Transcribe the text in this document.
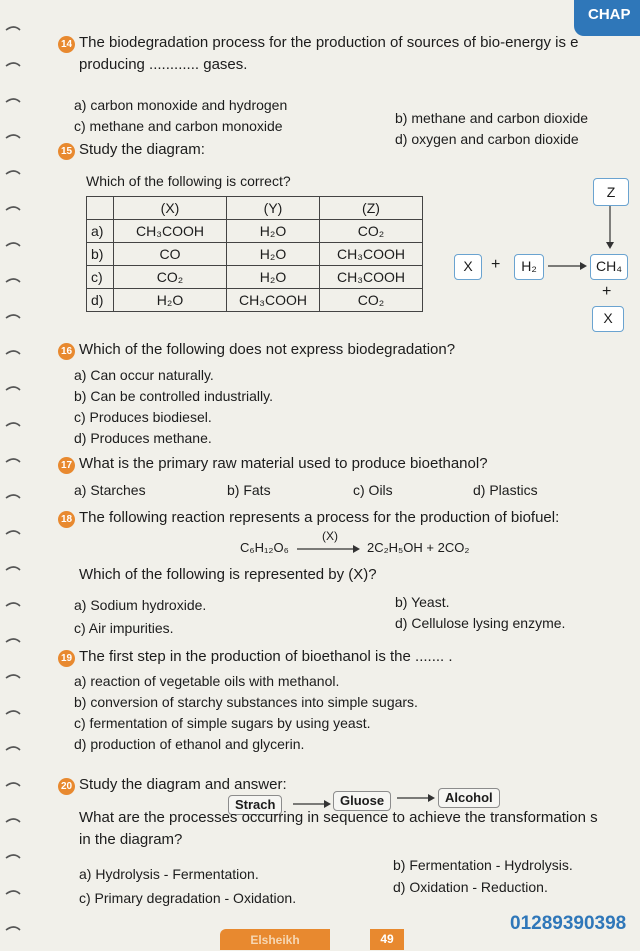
CHAP
14 The biodegradation process for the production of sources of bio-energy is e
producing ............ gases.
a) carbon monoxide and hydrogen
b) methane and carbon dioxide
c) methane and carbon monoxide
d) oxygen and carbon dioxide
15 Study the diagram:
Which of the following is correct?
	(X)	(Y)	(Z)
a)	CH₃COOH	H₂O	CO₂
b)	CO	H₂O	CH₃COOH
c)	CO₂	H₂O	CH₃COOH
d)	H₂O	CH₃COOH	CO₂
Z
X	+	H₂	CH₄
+
X
16 Which of the following does not express biodegradation?
a) Can occur naturally.
b) Can be controlled industrially.
c) Produces biodiesel.
d) Produces methane.
17 What is the primary raw material used to produce bioethanol?
a) Starches	b) Fats	c) Oils	d) Plastics
18 The following reaction represents a process for the production of biofuel:
C₆H₁₂O₆
(X)
→ 2C₂H₅OH + 2CO₂
Which of the following is represented by (X)?
a) Sodium hydroxide.	b) Yeast.
c) Air impurities.	d) Cellulose lysing enzyme.
19 The first step in the production of bioethanol is the ....... .
a) reaction of vegetable oils with methanol.
b) conversion of starchy substances into simple sugars.
c) fermentation of simple sugars by using yeast.
d) production of ethanol and glycerin.
20 Study the diagram and answer:
Strach	Gluose	Alcohol
What are the processes occurring in sequence to achieve the transformation s
in the diagram?
a) Hydrolysis - Fermentation.
b) Fermentation - Hydrolysis.
c) Primary degradation - Oxidation.
d) Oxidation - Reduction.
Elsheikh	49
01289390398
